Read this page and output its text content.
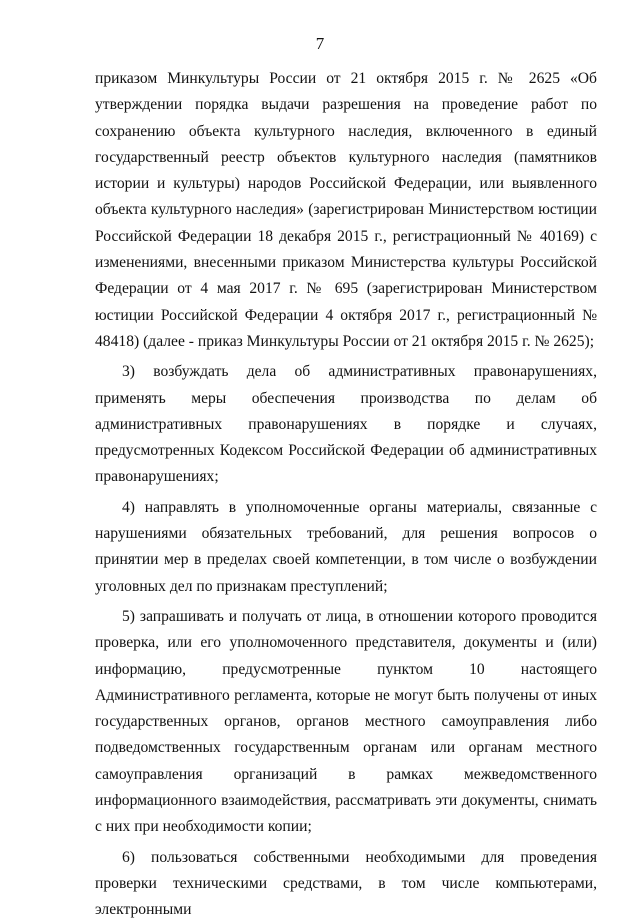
7

приказом Минкультуры России от 21 октября 2015 г. № 2625 «Об утверждении порядка выдачи разрешения на проведение работ по сохранению объекта культурного наследия, включенного в единый государственный реестр объектов культурного наследия (памятников истории и культуры) народов Российской Федерации, или выявленного объекта культурного наследия» (зарегистрирован Министерством юстиции Российской Федерации 18 декабря 2015 г., регистрационный № 40169) с изменениями, внесенными приказом Министерства культуры Российской Федерации от 4 мая 2017 г. № 695 (зарегистрирован Министерством юстиции Российской Федерации 4 октября 2017 г., регистрационный № 48418) (далее - приказ Минкультуры России от 21 октября 2015 г. № 2625);

3) возбуждать дела об административных правонарушениях, применять меры обеспечения производства по делам об административных правонарушениях в порядке и случаях, предусмотренных Кодексом Российской Федерации об административных правонарушениях;

4) направлять в уполномоченные органы материалы, связанные с нарушениями обязательных требований, для решения вопросов о принятии мер в пределах своей компетенции, в том числе о возбуждении уголовных дел по признакам преступлений;

5) запрашивать и получать от лица, в отношении которого проводится проверка, или его уполномоченного представителя, документы и (или) информацию, предусмотренные пунктом 10 настоящего Административного регламента, которые не могут быть получены от иных государственных органов, органов местного самоуправления либо подведомственных государственным органам или органам местного самоуправления организаций в рамках межведомственного информационного взаимодействия, рассматривать эти документы, снимать с них при необходимости копии;

6) пользоваться собственными необходимыми для проведения проверки техническими средствами, в том числе компьютерами, электронными
